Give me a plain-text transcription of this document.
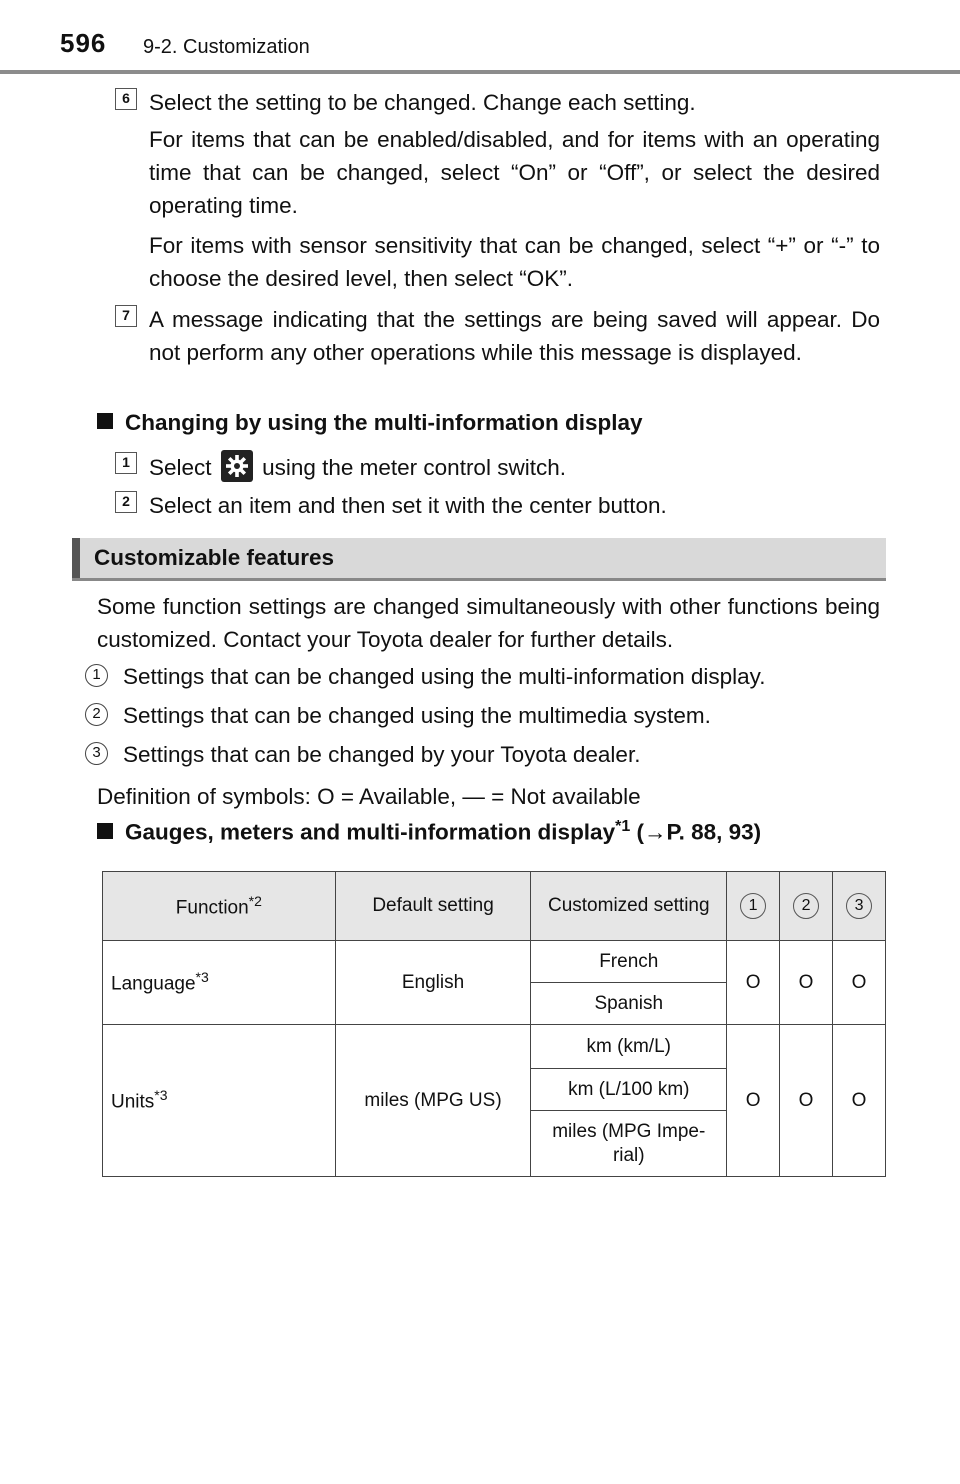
596 9-2. Customization
6 Select the setting to be changed. Change each setting.
For items that can be enabled/disabled, and for items with an operating time that can be changed, select “On” or “Off”, or select the desired operating time.
For items with sensor sensitivity that can be changed, select “+” or “-” to choose the desired level, then select “OK”.
7 A message indicating that the settings are being saved will appear. Do not perform any other operations while this message is displayed.
Changing by using the multi-information display
1 Select using the meter control switch.
2 Select an item and then set it with the center button.
Customizable features
Some function settings are changed simultaneously with other functions being customized. Contact your Toyota dealer for further details.
1 Settings that can be changed using the multi-information display.
2 Settings that can be changed using the multimedia system.
3 Settings that can be changed by your Toyota dealer.
Definition of symbols: O = Available, — = Not available
Gauges, meters and multi-information display$^{*1}$ (→P. 88, 93)
Function$^{*2}$	Default setting	Customized setting	1	2	3
Language$^{*3}$	English	French	O	O	O
		Spanish			
Units$^{*3}$	miles (MPG US)	km (km/L)	O	O	O
		km (L/100 km)			
		miles (MPG Impe-
rial)			
